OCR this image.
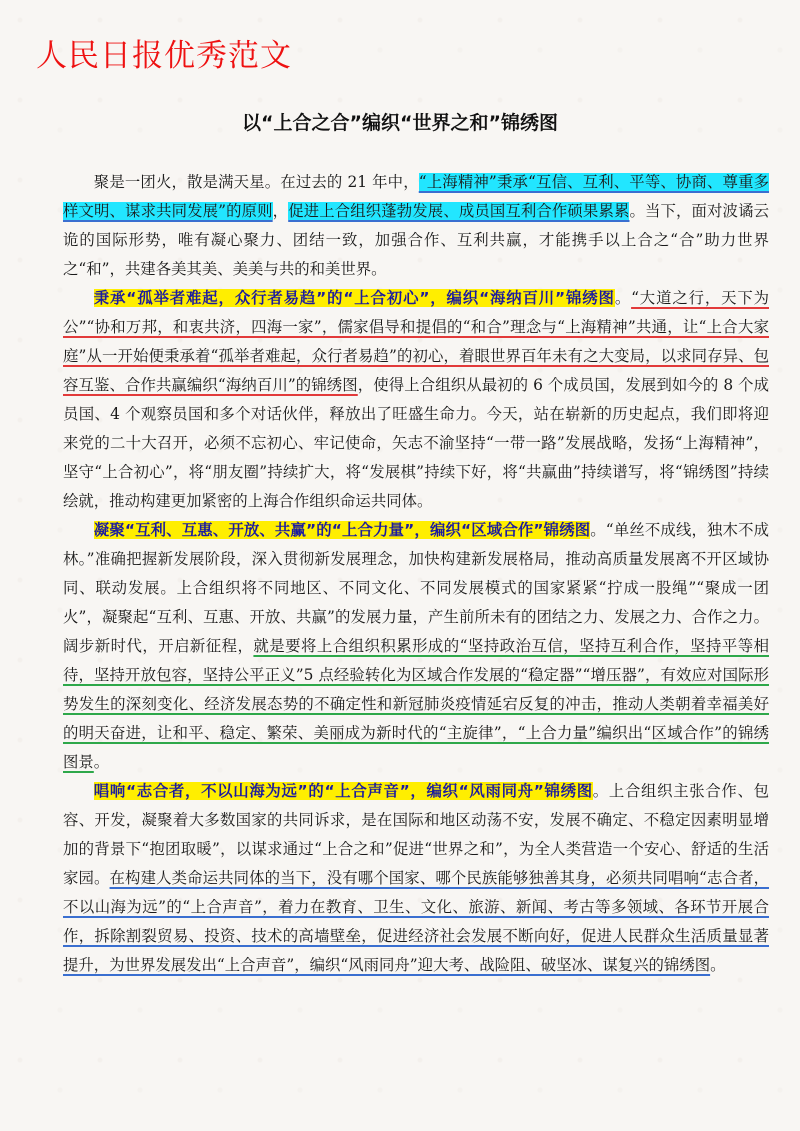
人民日报优秀范文
以“上合之合”编织“世界之和”锦绣图

聚是一团火，散是满天星。在过去的 21 年中，“上海精神”秉承“互信、互利、平等、协商、尊重多样文明、谋求共同发展”的原则，促进上合组织蓬勃发展、成员国互利合作硕果累累。当下，面对波谲云诡的国际形势，唯有凝心聚力、团结一致，加强合作、互利共赢，才能携手以上合之“合”助力世界之“和”，共建各美其美、美美与共的和美世界。

秉承“孤举者难起，众行者易趋”的“上合初心”，编织“海纳百川”锦绣图。“大道之行，天下为公”“协和万邦，和衷共济，四海一家”，儒家倡导和提倡的“和合”理念与“上海精神”共通，让“上合大家庭”从一开始便秉承着“孤举者难起，众行者易趋”的初心，着眼世界百年未有之大变局，以求同存异、包容互鉴、合作共赢编织“海纳百川”的锦绣图，使得上合组织从最初的 6 个成员国，发展到如今的 8 个成员国、4 个观察员国和多个对话伙伴，释放出了旺盛生命力。今天，站在崭新的历史起点，我们即将迎来党的二十大召开，必须不忘初心、牢记使命，矢志不渝坚持“一带一路”发展战略，发扬“上海精神”，坚守“上合初心”，将“朋友圈”持续扩大，将“发展棋”持续下好，将“共赢曲”持续谱写，将“锦绣图”持续绘就，推动构建更加紧密的上海合作组织命运共同体。

凝聚“互利、互惠、开放、共赢”的“上合力量”，编织“区域合作”锦绣图。“单丝不成线，独木不成林。”准确把握新发展阶段，深入贯彻新发展理念，加快构建新发展格局，推动高质量发展离不开区域协同、联动发展。上合组织将不同地区、不同文化、不同发展模式的国家紧紧“拧成一股绳”“聚成一团火”，凝聚起“互利、互惠、开放、共赢”的发展力量，产生前所未有的团结之力、发展之力、合作之力。阔步新时代，开启新征程，就是要将上合组织积累形成的“坚持政治互信，坚持互利合作，坚持平等相待，坚持开放包容，坚持公平正义”5 点经验转化为区域合作发展的“稳定器”“增压器”，有效应对国际形势发生的深刻变化、经济发展态势的不确定性和新冠肺炎疫情延宕反复的冲击，推动人类朝着幸福美好的明天奋进，让和平、稳定、繁荣、美丽成为新时代的“主旋律”，“上合力量”编织出“区域合作”的锦绣图景。

唱响“志合者，不以山海为远”的“上合声音”，编织“风雨同舟”锦绣图。上合组织主张合作、包容、开发，凝聚着大多数国家的共同诉求，是在国际和地区动荡不安，发展不确定、不稳定因素明显增加的背景下“抱团取暖”，以谋求通过“上合之和”促进“世界之和”，为全人类营造一个安心、舒适的生活家园。在构建人类命运共同体的当下，没有哪个国家、哪个民族能够独善其身，必须共同唱响“志合者，不以山海为远”的“上合声音”，着力在教育、卫生、文化、旅游、新闻、考古等多领域、各环节开展合作，拆除割裂贸易、投资、技术的高墙壁垒，促进经济社会发展不断向好，促进人民群众生活质量显著提升，为世界发展发出“上合声音”，编织“风雨同舟”迎大考、战险阻、破坚冰、谋复兴的锦绣图。
